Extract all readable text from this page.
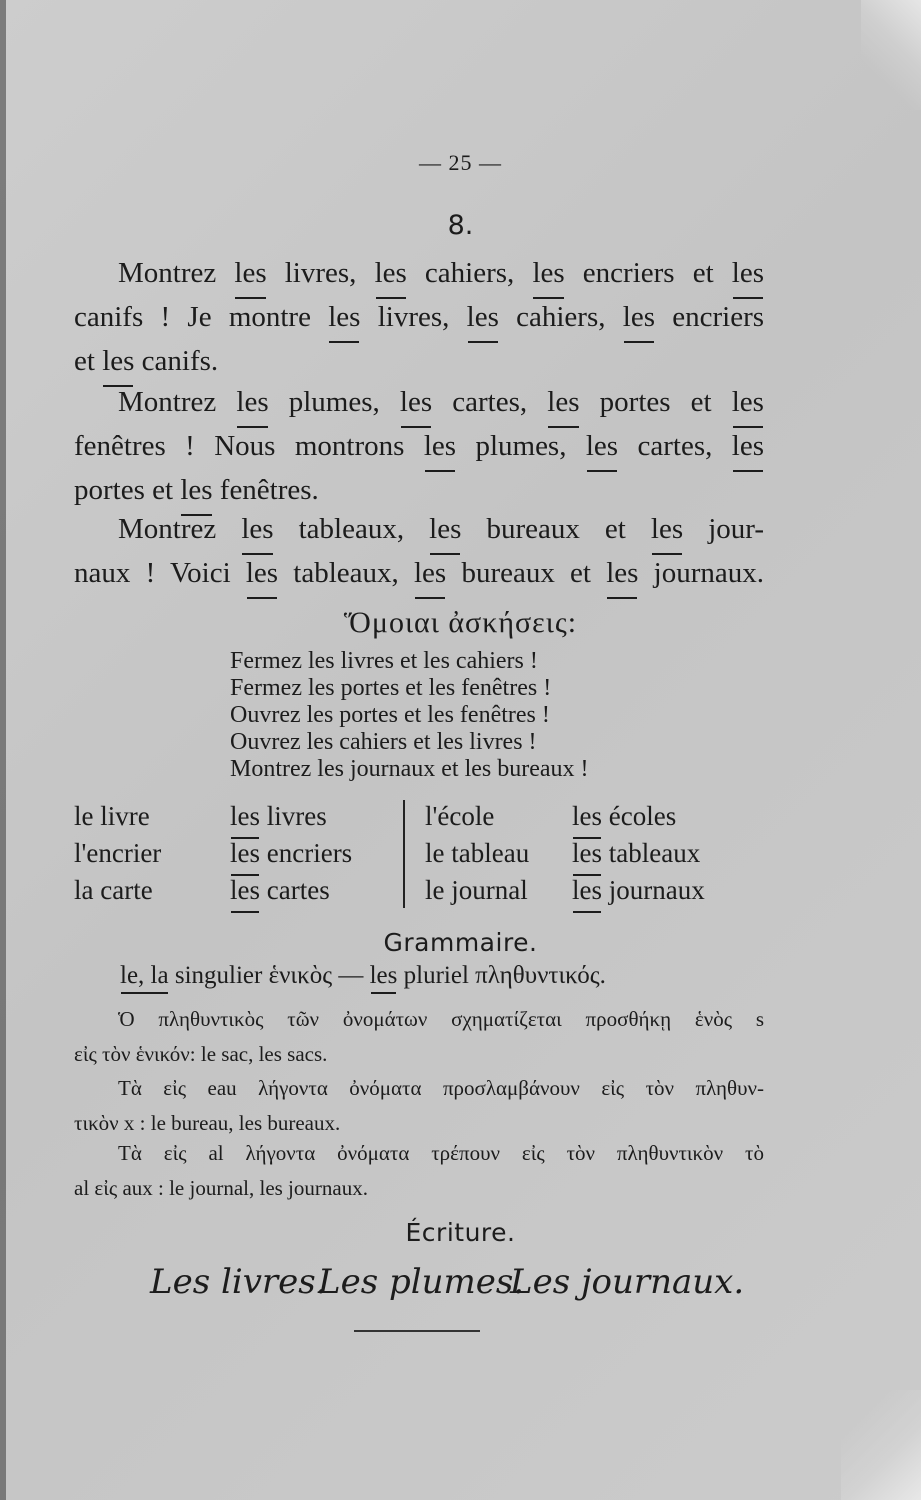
— 25 —
8.
Montrez les livres, les cahiers, les encriers et les
canifs ! Je montre les livres, les cahiers, les encriers
et les canifs.
Montrez les plumes, les cartes, les portes et les
fenêtres ! Nous montrons les plumes, les cartes, les
portes et les fenêtres.
Montrez les tableaux, les bureaux et les jour-
naux ! Voici les tableaux, les bureaux et les journaux.
Ὅμοιαι ἀσκήσεις:
Fermez les livres et les cahiers !
Fermez les portes et les fenêtres !
Ouvrez les portes et les fenêtres !
Ouvrez les cahiers et les livres !
Montrez les journaux et les bureaux !
le livre
l'encrier
la carte
les livres
les encriers
les cartes
l'école
le tableau
le journal
les écoles
les tableaux
les journaux
Grammaire.
le, la singulier ἑνικὸς — les pluriel πληθυντικός.
Ὁ πληθυντικὸς τῶν ὀνομάτων σχηματίζεται προσθήκῃ ἑνὸς s
εἰς τὸν ἑνικόν: le sac, les sacs.
Τὰ εἰς eau λήγοντα ὀνόματα προσλαμβάνουν εἰς τὸν πληθυν-
τικὸν x : le bureau, les bureaux.
Τὰ εἰς al λήγοντα ὀνόματα τρέπουν εἰς τὸν πληθυντικὸν τὸ
al εἰς aux : le journal, les journaux.
Écriture.
Les livres.
Les plumes.
Les journaux.
